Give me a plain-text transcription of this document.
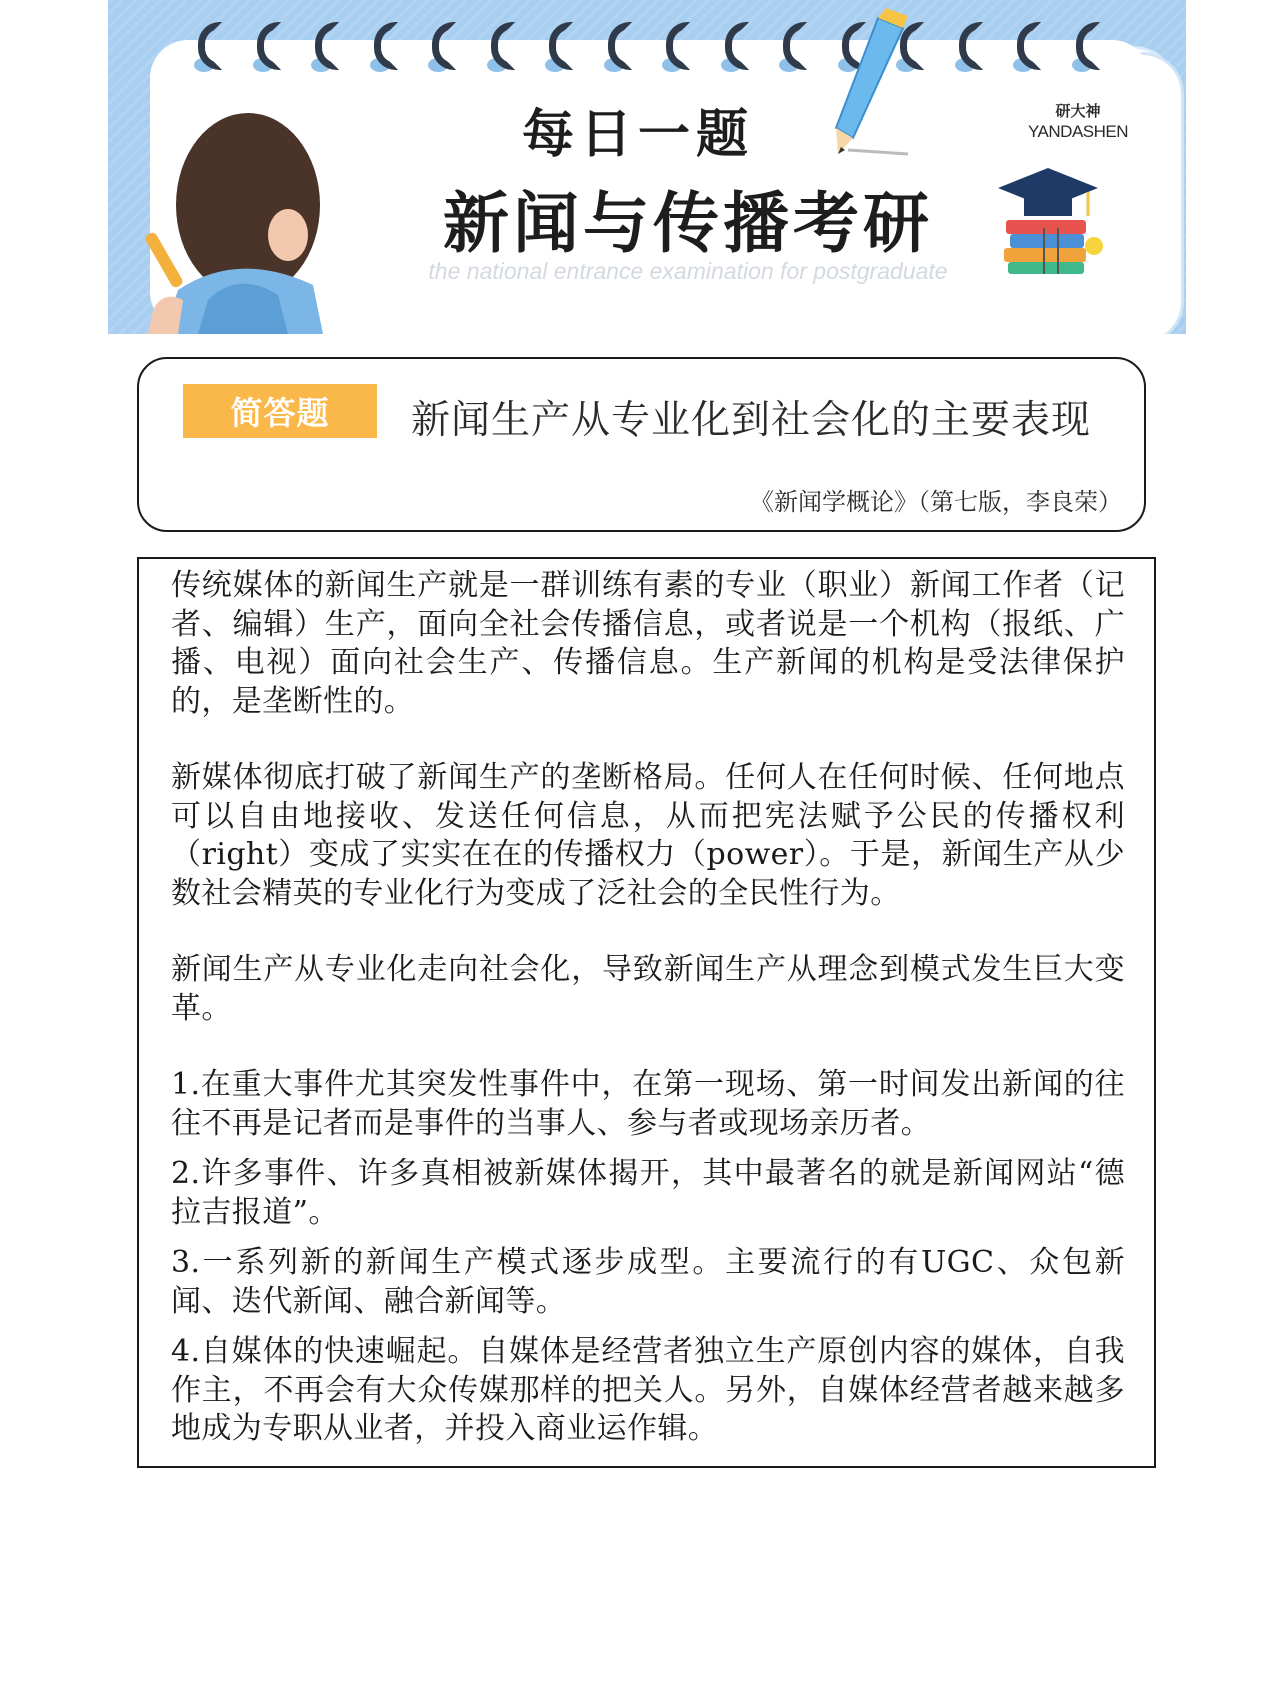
每日一题
新闻与传播考研
the national entrance examination for postgraduate
研大神
YANDASHEN
简答题	新闻生产从专业化到社会化的主要表现
《新闻学概论》（第七版，李良荣）

传统媒体的新闻生产就是一群训练有素的专业（职业）新闻工作者（记者、编辑）生产，面向全社会传播信息，或者说是一个机构（报纸、广播、电视）面向社会生产、传播信息。生产新闻的机构是受法律保护的，是垄断性的。

新媒体彻底打破了新闻生产的垄断格局。任何人在任何时候、任何地点可以自由地接收、发送任何信息，从而把宪法赋予公民的传播权利（right）变成了实实在在的传播权力（power）。于是，新闻生产从少数社会精英的专业化行为变成了泛社会的全民性行为。

新闻生产从专业化走向社会化，导致新闻生产从理念到模式发生巨大变革。

1.在重大事件尤其突发性事件中，在第一现场、第一时间发出新闻的往往不再是记者而是事件的当事人、参与者或现场亲历者。

2.许多事件、许多真相被新媒体揭开，其中最著名的就是新闻网站“德拉吉报道”。

3.一系列新的新闻生产模式逐步成型。主要流行的有UGC、众包新闻、迭代新闻、融合新闻等。

4.自媒体的快速崛起。自媒体是经营者独立生产原创内容的媒体，自我作主，不再会有大众传媒那样的把关人。另外，自媒体经营者越来越多地成为专职从业者，并投入商业运作辑。
